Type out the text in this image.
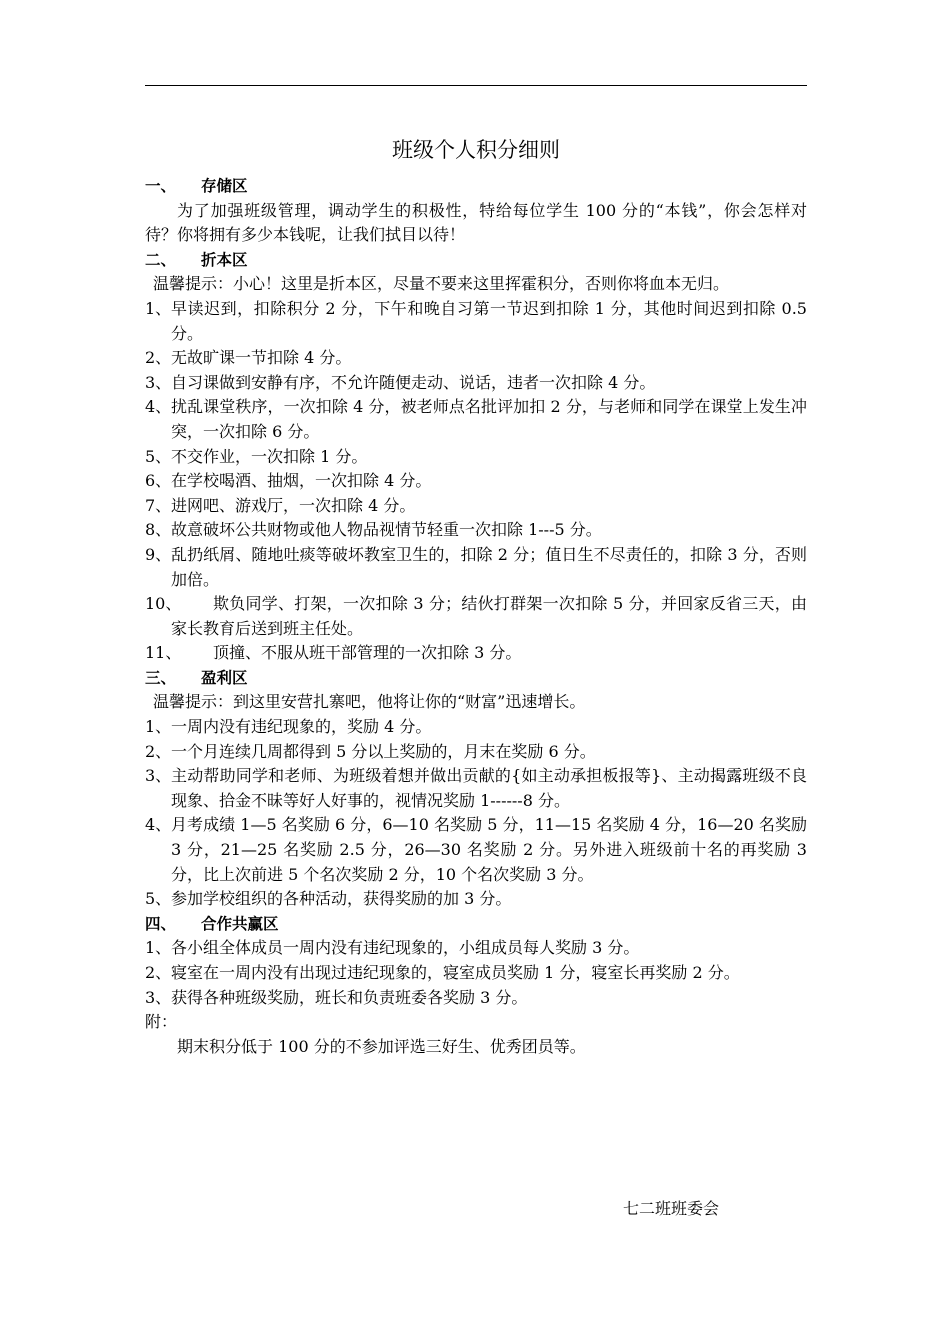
班级个人积分细则
一、 存储区
为了加强班级管理，调动学生的积极性，特给每位学生 100 分的“本钱”，你会怎样对待？你将拥有多少本钱呢，让我们拭目以待！
二、 折本区
温馨提示：小心！这里是折本区，尽量不要来这里挥霍积分，否则你将血本无归。
1、 早读迟到，扣除积分 2 分，下午和晚自习第一节迟到扣除 1 分，其他时间迟到扣除 0.5 分。
2、 无故旷课一节扣除 4 分。
3、 自习课做到安静有序，不允许随便走动、说话，违者一次扣除 4 分。
4、 扰乱课堂秩序，一次扣除 4 分，被老师点名批评加扣 2 分，与老师和同学在课堂上发生冲突，一次扣除 6 分。
5、 不交作业，一次扣除 1 分。
6、 在学校喝酒、抽烟，一次扣除 4 分。
7、 进网吧、游戏厅，一次扣除 4 分。
8、 故意破坏公共财物或他人物品视情节轻重一次扣除 1---5 分。
9、 乱扔纸屑、随地吐痰等破坏教室卫生的，扣除 2 分；值日生不尽责任的，扣除 3 分，否则加倍。
10、	欺负同学、打架，一次扣除 3 分；结伙打群架一次扣除 5 分，并回家反省三天，由家长教育后送到班主任处。
11、	顶撞、不服从班干部管理的一次扣除 3 分。
三、 盈利区
温馨提示：到这里安营扎寨吧，他将让你的“财富”迅速增长。
1、 一周内没有违纪现象的，奖励 4 分。
2、 一个月连续几周都得到 5 分以上奖励的，月末在奖励 6 分。
3、 主动帮助同学和老师、为班级着想并做出贡献的{如主动承担板报等}、主动揭露班级不良现象、拾金不昧等好人好事的，视情况奖励 1------8 分。
4、 月考成绩 1—5 名奖励 6 分，6—10 名奖励 5 分，11—15 名奖励 4 分，16—20 名奖励 3 分，21—25 名奖励 2.5 分，26—30 名奖励 2 分。另外进入班级前十名的再奖励 3 分，比上次前进 5 个名次奖励 2 分，10 个名次奖励 3 分。
5、 参加学校组织的各种活动，获得奖励的加 3 分。
四、 合作共赢区
1、 各小组全体成员一周内没有违纪现象的，小组成员每人奖励 3 分。
2、 寝室在一周内没有出现过违纪现象的，寝室成员奖励 1 分，寝室长再奖励 2 分。
3、 获得各种班级奖励，班长和负责班委各奖励 3 分。
附：
期末积分低于 100 分的不参加评选三好生、优秀团员等。
七二班班委会
